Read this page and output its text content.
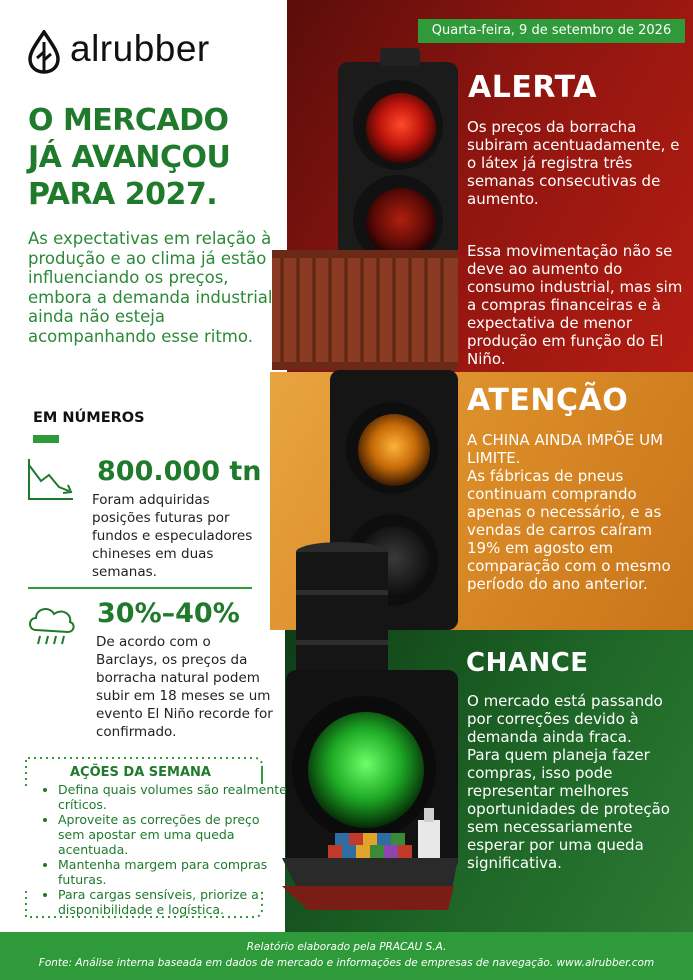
Quarta-feira, 9 de setembro de 2026
alrubber
O MERCADO
JÁ AVANÇOU
PARA 2027.
As expectativas em relação à produção e ao clima já estão influenciando os preços, embora a demanda industrial ainda não esteja acompanhando esse ritmo.
EM NÚMEROS
800.000 tn
Foram adquiridas posições futuras por fundos e especuladores chineses em duas semanas.
30%–40%
De acordo com o Barclays, os preços da borracha natural podem subir em 18 meses se um evento El Niño recorde for confirmado.
AÇÕES DA SEMANA
• Defina quais volumes são realmente críticos.
• Aproveite as correções de preço sem apostar em uma queda acentuada.
• Mantenha margem para compras futuras.
• Para cargas sensíveis, priorize a disponibilidade e logística.
ALERTA
Os preços da borracha subiram acentuadamente, e o látex já registra três semanas consecutivas de aumento.
Essa movimentação não se deve ao aumento do consumo industrial, mas sim a compras financeiras e à expectativa de menor produção em função do El Niño.
ATENÇÃO
A CHINA AINDA IMPÕE UM LIMITE.
As fábricas de pneus continuam comprando apenas o necessário, e as vendas de carros caíram 19% em agosto em comparação com o mesmo período do ano anterior.
CHANCE
O mercado está passando por correções devido à demanda ainda fraca.
Para quem planeja fazer compras, isso pode representar melhores oportunidades de proteção sem necessariamente esperar por uma queda significativa.
Relatório elaborado pela PRACAU S.A.
Fonte: Análise interna baseada em dados de mercado e informações de empresas de navegação. www.alrubber.com
